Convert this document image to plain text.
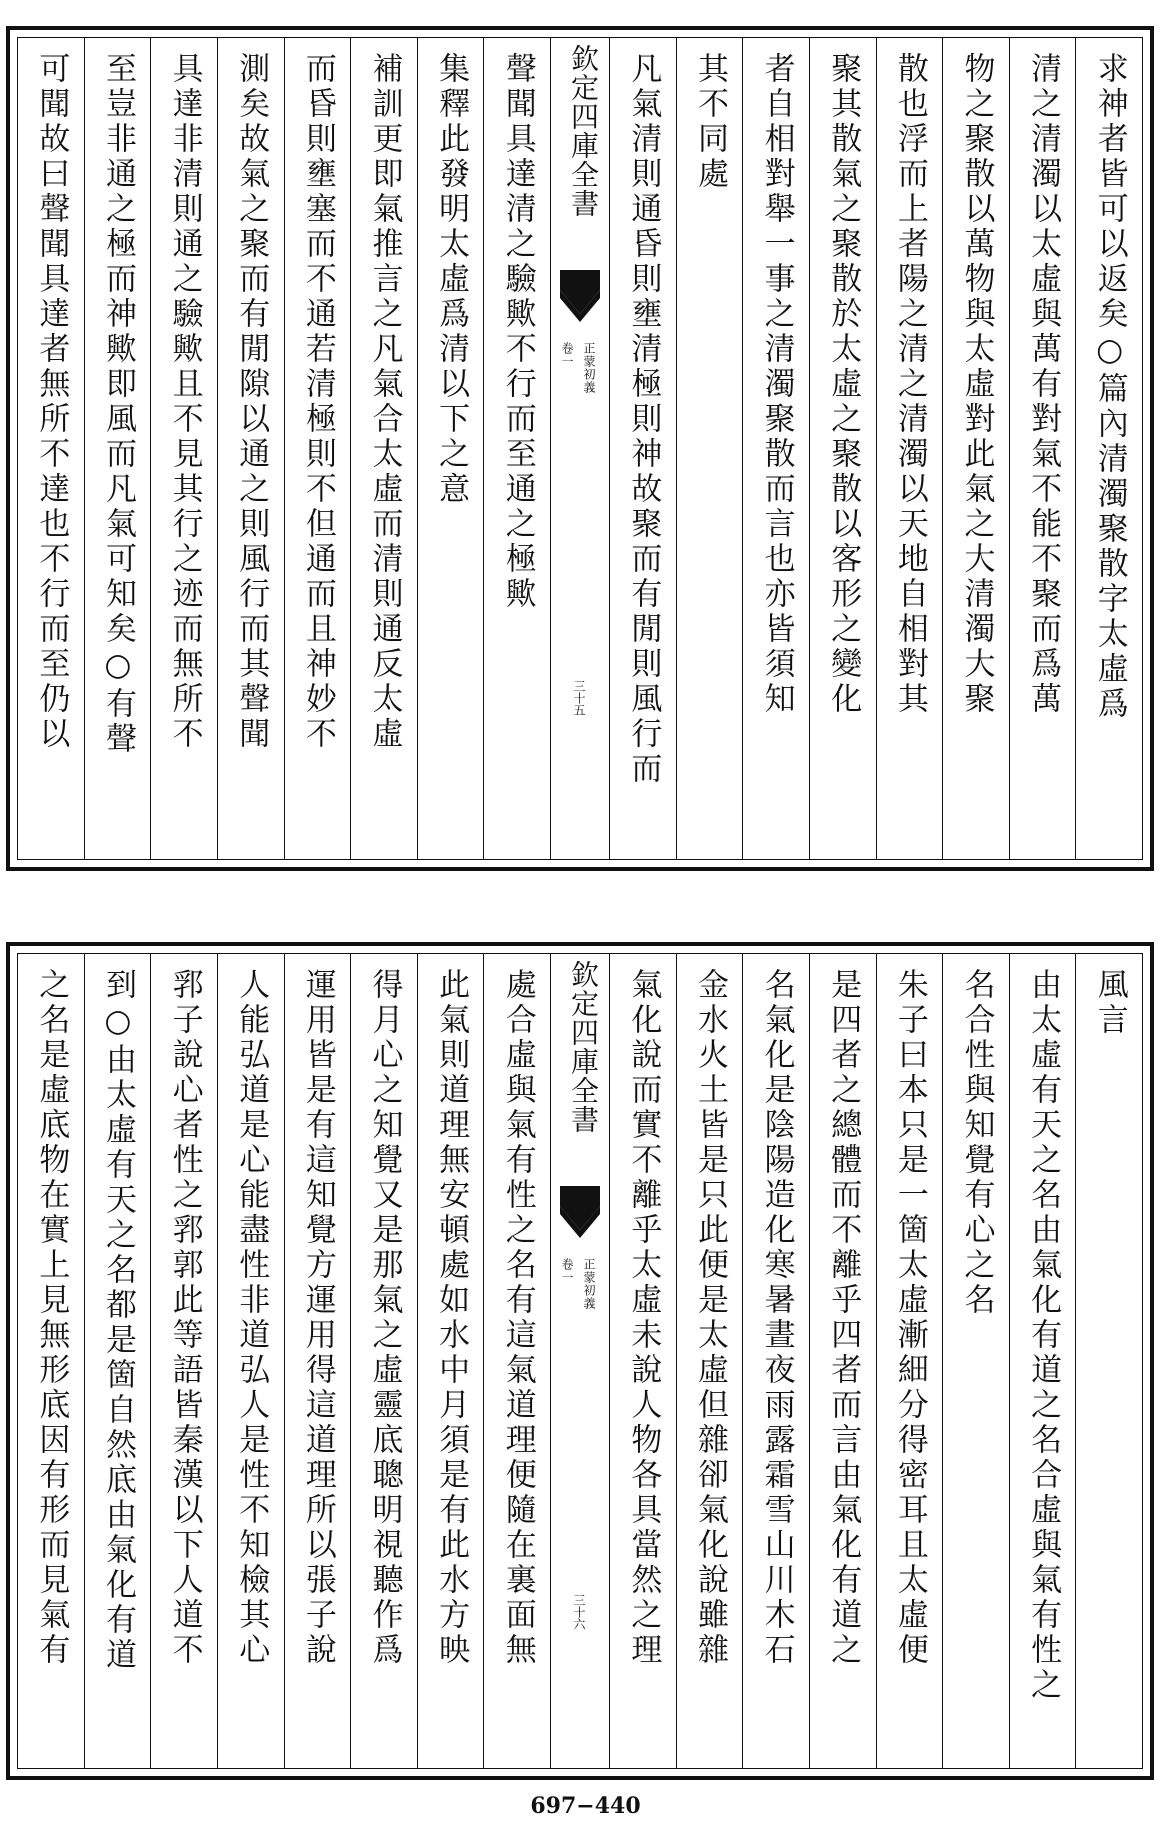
求神者皆可以返矣○篇內清濁聚散字太虛爲
清之清濁以太虛與萬有對氣不能不聚而爲萬
物之聚散以萬物與太虛對此氣之大清濁大聚
散也浮而上者陽之清之清濁以天地自相對其
聚其散氣之聚散於太虛之聚散以客形之變化
者自相對舉一事之清濁聚散而言也亦皆須知
其不同處
凡氣清則通昏則壅清極則神故聚而有閒則風行而
欽定四庫全書
正蒙初義
卷一
三十五
聲聞具達清之驗歟不行而至通之極歟
集釋此發明太虛爲清以下之意
補訓更即氣推言之凡氣合太虛而清則通反太虛
而昏則壅塞而不通若清極則不但通而且神妙不
測矣故氣之聚而有閒隙以通之則風行而其聲聞
具達非清則通之驗歟且不見其行之迹而無所不
至豈非通之極而神歟即風而凡氣可知矣○有聲
可聞故曰聲聞具達者無所不達也不行而至仍以
風言
由太虛有天之名由氣化有道之名合虛與氣有性之
名合性與知覺有心之名
朱子曰本只是一箇太虛漸細分得密耳且太虛便
是四者之總體而不離乎四者而言由氣化有道之
名氣化是陰陽造化寒暑晝夜雨露霜雪山川木石
金水火土皆是只此便是太虛但雜卻氣化說雖雜
氣化說而實不離乎太虛未說人物各具當然之理
欽定四庫全書
正蒙初義
卷一
三十六
處合虛與氣有性之名有這氣道理便隨在裏面無
此氣則道理無安頓處如水中月須是有此水方映
得月心之知覺又是那氣之虛靈底聰明視聽作爲
運用皆是有這知覺方運用得這道理所以張子說
人能弘道是心能盡性非道弘人是性不知檢其心
郛子說心者性之郛郭此等語皆秦漢以下人道不
到○由太虛有天之名都是箇自然底由氣化有道
之名是虛底物在實上見無形底因有形而見氣有
697−440
